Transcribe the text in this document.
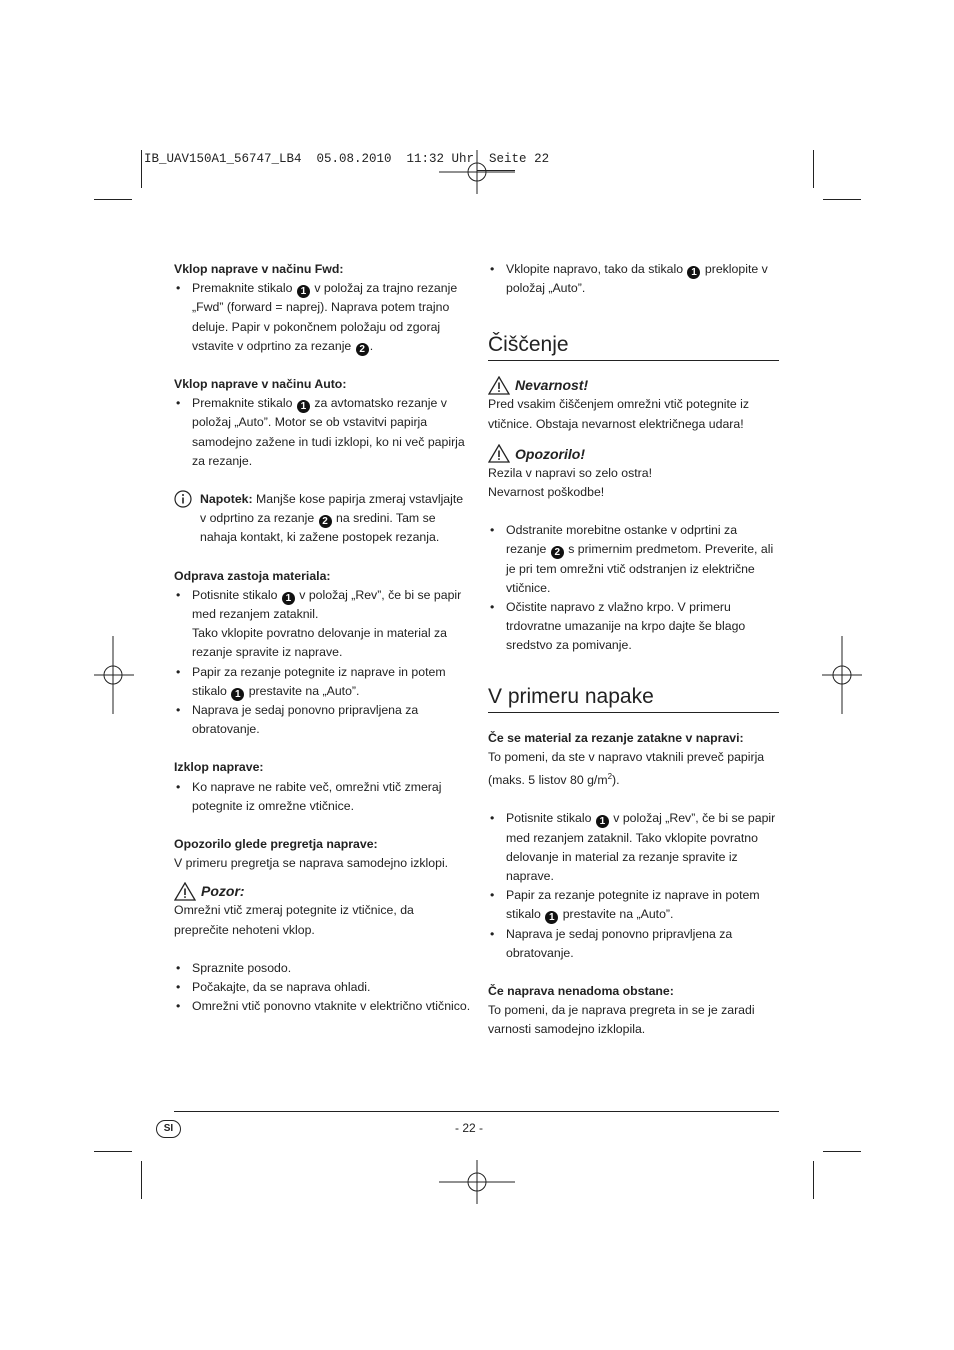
IB_UAV150A1_56747_LB4  05.08.2010  11:32 Uhr  Seite 22

Vklop naprave v načinu Fwd:

• Premaknite stikalo 1 v položaj za trajno rezanje „Fwd” (forward = naprej). Naprava potem trajno deluje. Papir v pokončnem položaju od zgoraj vstavite v odprtino za rezanje 2 .

Vklop naprave v načinu Auto:

• Premaknite stikalo 1 za avtomatsko rezanje v položaj „Auto”. Motor se ob vstavitvi papirja samodejno zažene in tudi izklopi, ko ni več papirja za rezanje.
Napotek: Manjše kose papirja zmeraj vstavljajte v odprtino za rezanje 2 na sredini. Tam se nahaja kontakt, ki zažene postopek rezanja.

Odprava zastoja materiala:

• Potisnite stikalo 1 v položaj „Rev”, če bi se papir med rezanjem zataknil.
Tako vklopite povratno delovanje in material za rezanje spravite iz naprave.
• Papir za rezanje potegnite iz naprave in potem stikalo 1 prestavite na „Auto”.
• Naprava je sedaj ponovno pripravljena za obratovanje.

Izklop naprave:

• Ko naprave ne rabite več, omrežni vtič zmeraj potegnite iz omrežne vtičnice.

Opozorilo glede pregretja naprave:

V primeru pregretja se naprava samodejno izklopi.

Pozor:

Omrežni vtič zmeraj potegnite iz vtičnice, da preprečite nehoteni vklop.

• Spraznite posodo.
• Počakajte, da se naprava ohladi.
• Omrežni vtič ponovno vtaknite v električno vtičnico.
• Vklopite napravo, tako da stikalo 1 preklopite v položaj „Auto”.
Čiščenje
Nevarnost!

Pred vsakim čiščenjem omrežni vtič potegnite iz vtičnice. Obstaja nevarnost električnega udara!

Opozorilo!

Rezila v napravi so zelo ostra!

Nevarnost poškodbe!

• Odstranite morebitne ostanke v odprtini za rezanje 2 s primernim predmetom. Preverite, ali je pri tem omrežni vtič odstranjen iz električne vtičnice.
• Očistite napravo z vlažno krpo. V primeru trdovratne umazanije na krpo dajte še blago sredstvo za pomivanje.
V primeru napake

Če se material za rezanje zatakne v napravi:

To pomeni, da ste v napravo vtaknili preveč papirja (maks. 5 listov 80 $g/m^2$).

• Potisnite stikalo 1 v položaj „Rev”, če bi se papir med rezanjem zataknil. Tako vklopite povratno delovanje in material za rezanje spravite iz naprave.
• Papir za rezanje potegnite iz naprave in potem stikalo 1 prestavite na „Auto”.
• Naprava je sedaj ponovno pripravljena za obratovanje.

Če naprava nenadoma obstane:

To pomeni, da je naprava pregreta in se je zaradi varnosti samodejno izklopila.

SI	- 22 -
